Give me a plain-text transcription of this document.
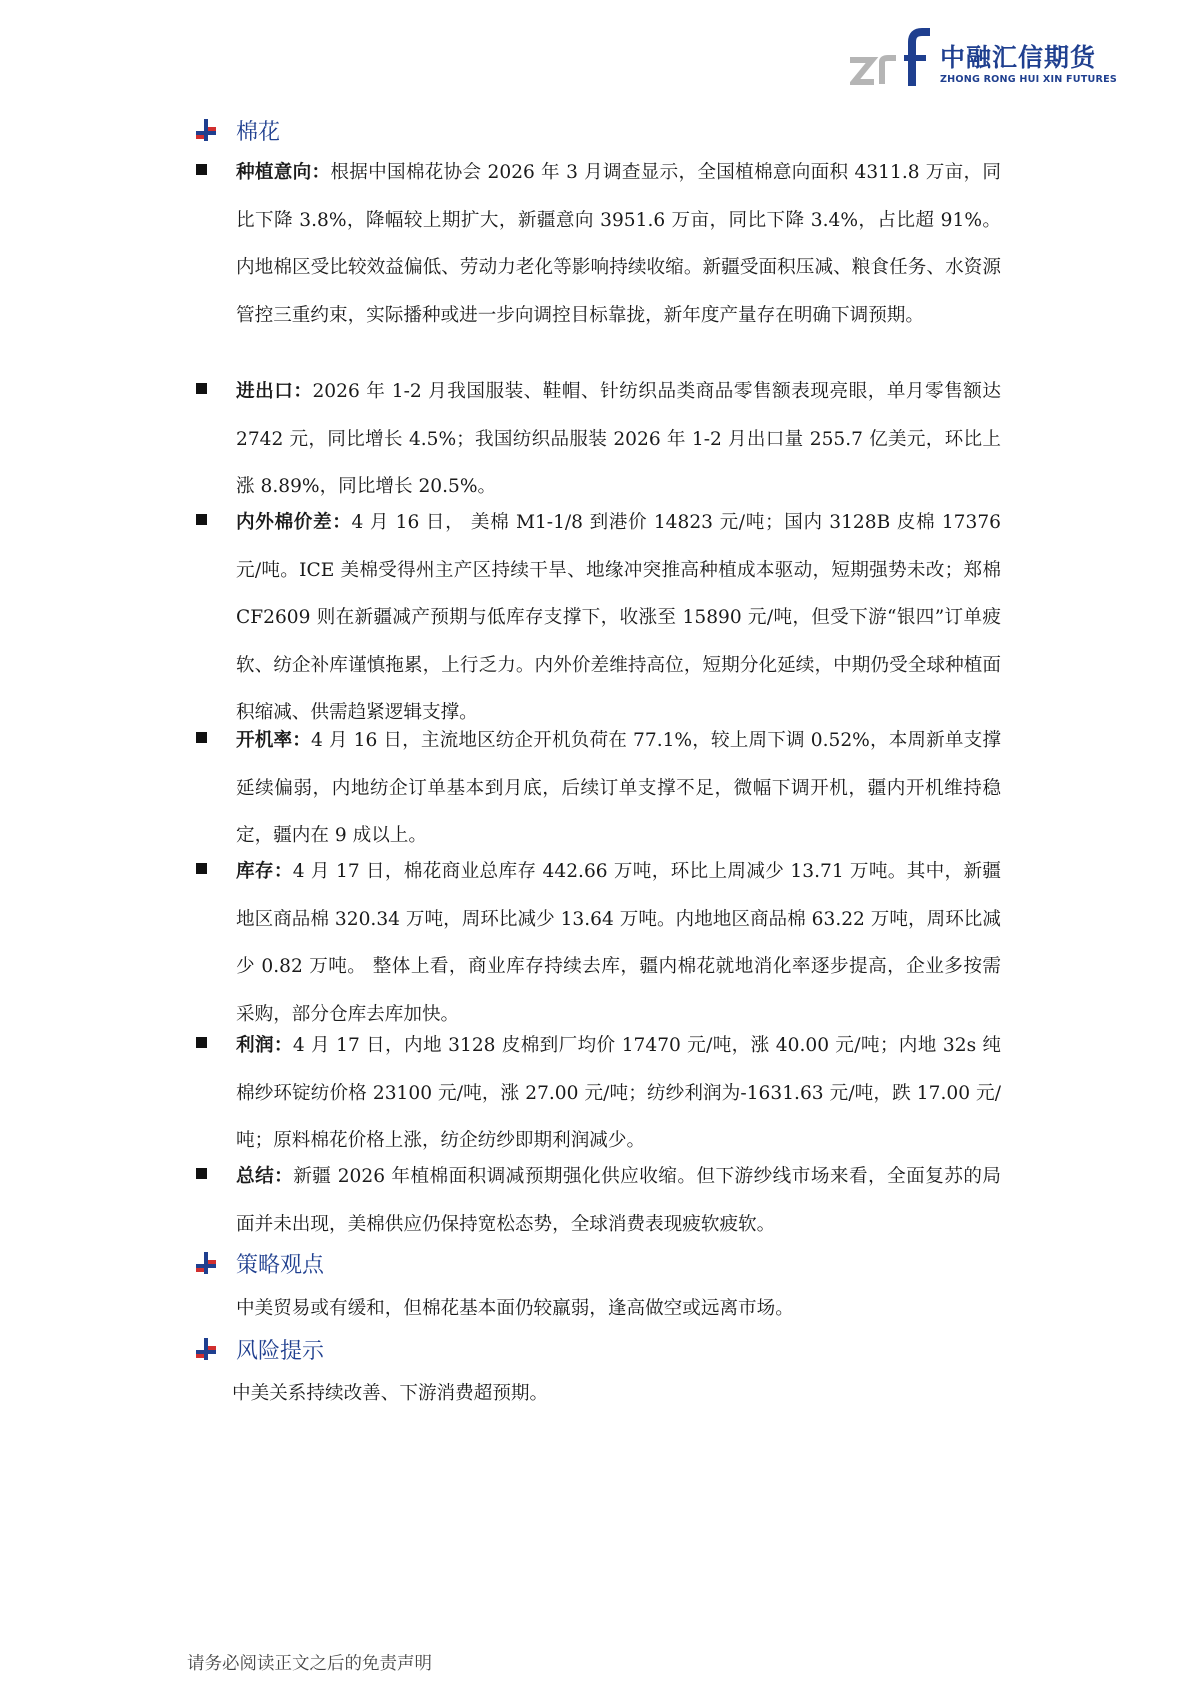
中融汇信期货
ZHONG RONG HUI XIN FUTURES
棉花
种植意向：根据中国棉花协会 2026 年 3 月调查显示，全国植棉意向面积 4311.8 万亩，同比下降 3.8%，降幅较上期扩大，新疆意向 3951.6 万亩，同比下降 3.4%，占比超 91%。内地棉区受比较效益偏低、劳动力老化等影响持续收缩。新疆受面积压减、粮食任务、水资源管控三重约束，实际播种或进一步向调控目标靠拢，新年度产量存在明确下调预期。
进出口：2026 年 1-2 月我国服装、鞋帽、针纺织品类商品零售额表现亮眼，单月零售额达 2742 元，同比增长 4.5%；我国纺织品服装 2026 年 1-2 月出口量 255.7 亿美元，环比上涨 8.89%，同比增长 20.5%。
内外棉价差：4 月 16 日， 美棉 M1-1/8 到港价 14823 元/吨；国内 3128B 皮棉 17376 元/吨。ICE 美棉受得州主产区持续干旱、地缘冲突推高种植成本驱动，短期强势未改；郑棉 CF2609 则在新疆减产预期与低库存支撑下，收涨至 15890 元/吨，但受下游“银四”订单疲软、纺企补库谨慎拖累，上行乏力。内外价差维持高位，短期分化延续，中期仍受全球种植面积缩减、供需趋紧逻辑支撑。
开机率：4 月 16 日，主流地区纺企开机负荷在 77.1%，较上周下调 0.52%，本周新单支撑延续偏弱，内地纺企订单基本到月底，后续订单支撑不足，微幅下调开机，疆内开机维持稳定，疆内在 9 成以上。
库存：4 月 17 日，棉花商业总库存 442.66 万吨，环比上周减少 13.71 万吨。其中，新疆地区商品棉 320.34 万吨，周环比减少 13.64 万吨。内地地区商品棉 63.22 万吨，周环比减少 0.82 万吨。 整体上看，商业库存持续去库，疆内棉花就地消化率逐步提高，企业多按需采购，部分仓库去库加快。
利润：4 月 17 日，内地 3128 皮棉到厂均价 17470 元/吨，涨 40.00 元/吨；内地 32s 纯棉纱环锭纺价格 23100 元/吨，涨 27.00 元/吨；纺纱利润为-1631.63 元/吨，跌 17.00 元/吨；原料棉花价格上涨，纺企纺纱即期利润减少。
总结：新疆 2026 年植棉面积调减预期强化供应收缩。但下游纱线市场来看，全面复苏的局面并未出现，美棉供应仍保持宽松态势，全球消费表现疲软疲软。
策略观点
中美贸易或有缓和，但棉花基本面仍较羸弱，逢高做空或远离市场。
风险提示
中美关系持续改善、下游消费超预期。
请务必阅读正文之后的免责声明
